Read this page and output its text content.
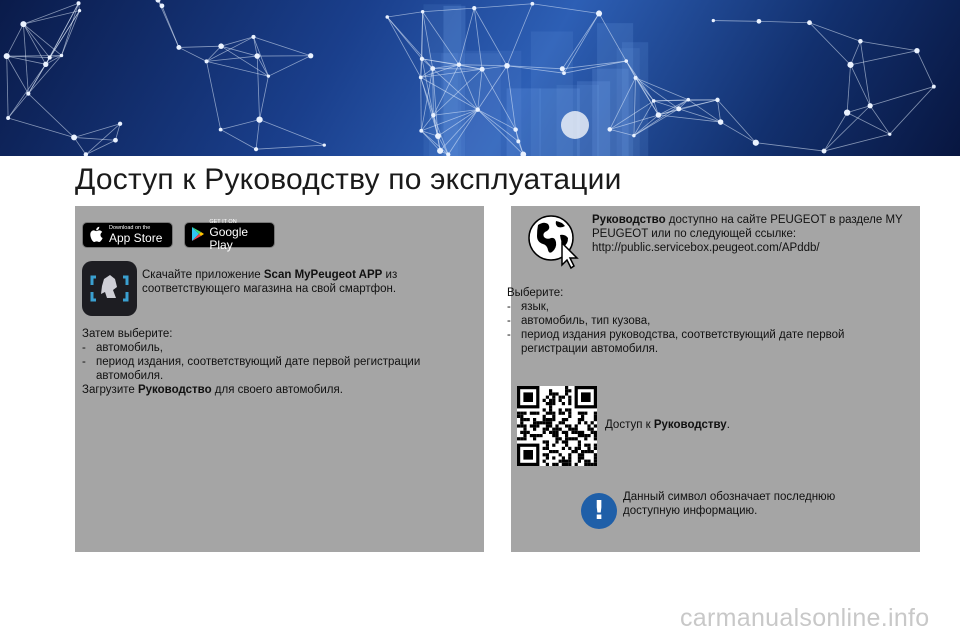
Доступ к Руководству по эксплуатации
Download on the
App Store
GET IT ON
Google Play
Скачайте приложение Scan MyPeugeot APP из соответствующего магазина на свой смартфон.
Затем выберите:
- автомобиль,
- период издания, соответствующий дате первой регистрации автомобиля.
Загрузите Руководство для своего автомобиля.
Руководство доступно на сайте PEUGEOT в разделе MY PEUGEOT или по следующей ссылке:
http://public.servicebox.peugeot.com/APddb/
Выберите:
- язык,
- автомобиль, тип кузова,
- период издания руководства, соответствующий дате первой регистрации автомобиля.
Доступ к Руководству.
!	Данный символ обозначает последнюю доступную информацию.
carmanualsonline.info
